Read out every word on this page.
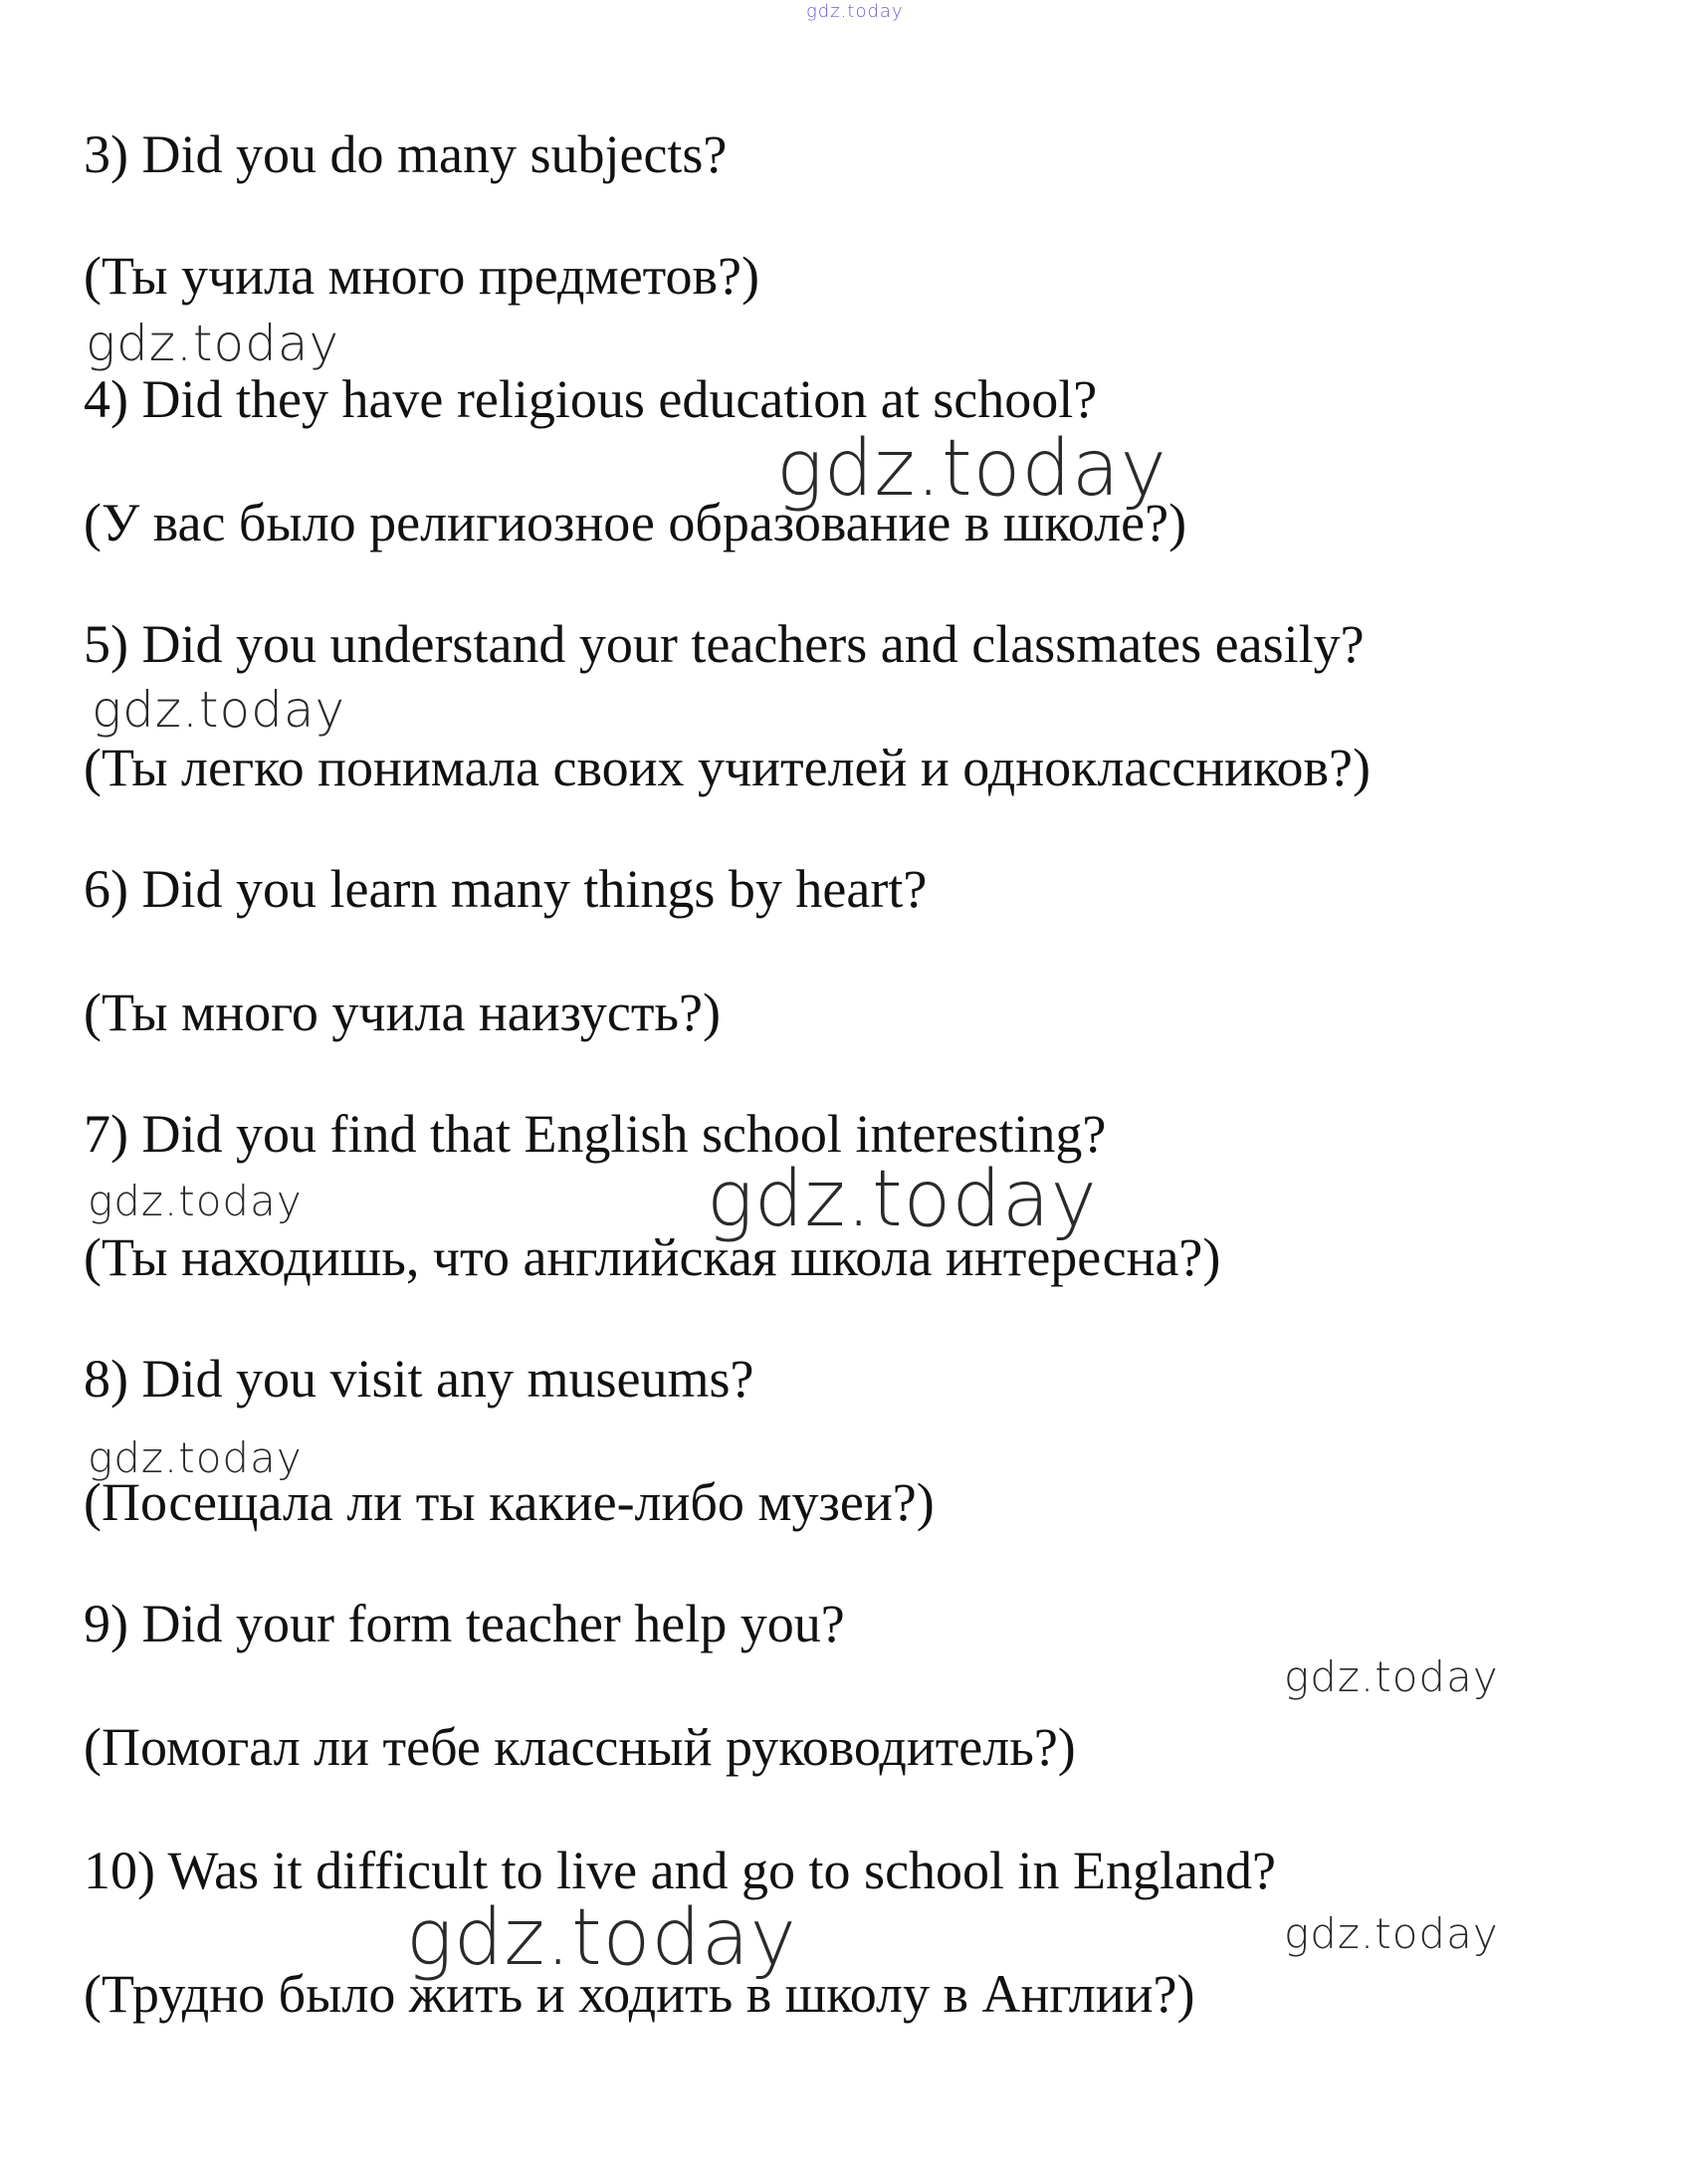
gdz.today

3) Did you do many subjects?

(Ты учила много предметов?)

4) Did they have religious education at school?

(У вас было религиозное образование в школе?)

5) Did you understand your teachers and classmates easily?

(Ты легко понимала своих учителей и одноклассников?)

6) Did you learn many things by heart?

(Ты много учила наизусть?)

7) Did you find that English school interesting?

(Ты находишь, что английская школа интересна?)

8) Did you visit any museums?

(Посещала ли ты какие-либо музеи?)

9) Did your form teacher help you?

(Помогал ли тебе классный руководитель?)

10) Was it difficult to live and go to school in England?

(Трудно было жить и ходить в школу в Англии?)

gdz.today
gdz.today
gdz.today
gdz.today	gdz.today
gdz.today
gdz.today
gdz.today	gdz.today
